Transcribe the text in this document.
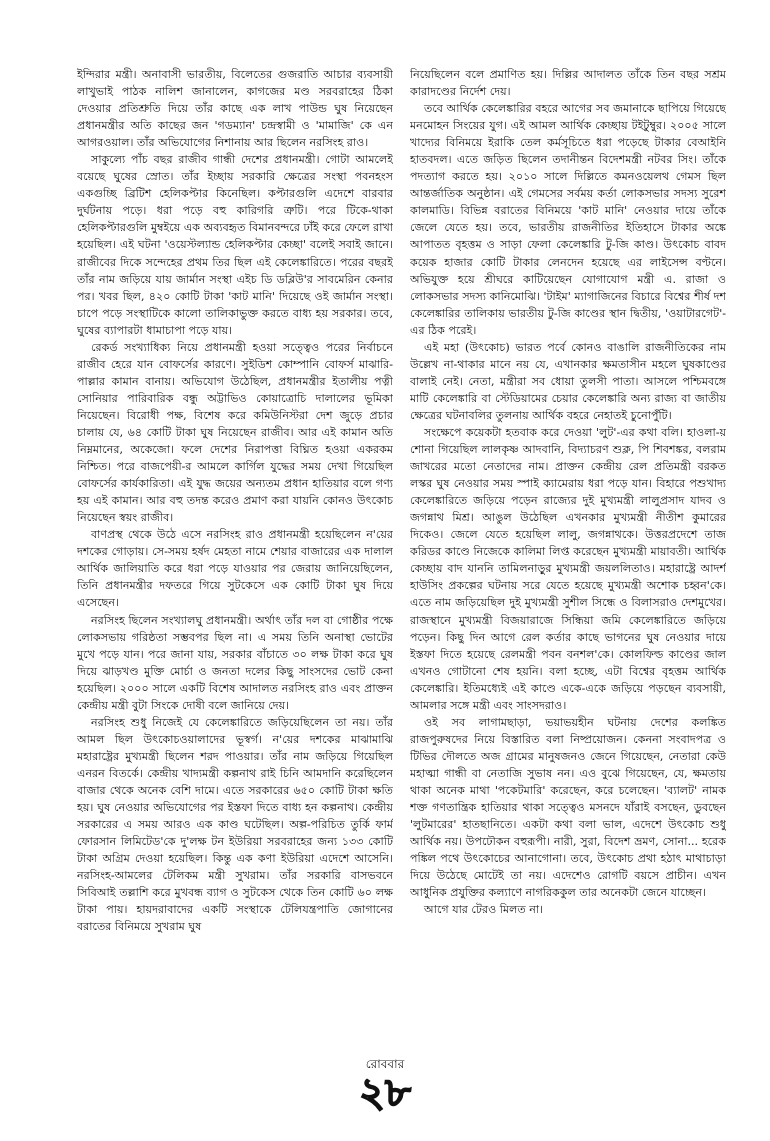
ইন্দিরার মন্ত্রী। অনাবাসী ভারতীয়, বিলেতের গুজরাতি আচার ব্যবসায়ী লাখুভাই পাঠক নালিশ জানালেন, কাগজের মণ্ড সরবরাহের ঠিকা দেওয়ার প্রতিশ্রুতি দিয়ে তাঁর কাছে এক লাখ পাউন্ড ঘুষ নিয়েছেন প্রধানমন্ত্রীর অতি কাছের জন 'গডম্যান' চন্দ্রস্বামী ও 'মামাজি' কে এন আগরওয়াল। তাঁর অভিযোগের নিশানায় আর ছিলেন নরসিংহ রাও।

সাকুল্যে পাঁচ বছর রাজীব গান্ধী দেশের প্রধানমন্ত্রী। গোটা আমলেই বয়েছে ঘুষের স্রোত। তাঁর ইচ্ছায় সরকারি ক্ষেত্রের সংস্থা পবনহংস একগুচ্ছি ব্রিটিশ হেলিকপ্টার কিনেছিল। কপ্টারগুলি এদেশে বারবার দুর্ঘটনায় পড়ে। ধরা পড়ে বহু কারিগরি ত্রুটি। পরে টিকে-থাকা হেলিকপ্টারগুলি মুম্বইয়ে এক অব্যবহৃত বিমানবন্দরে ঢাঁই করে ফেলে রাখা হয়েছিল। এই ঘটনা 'ওয়েস্টল্যান্ড হেলিকপ্টার কেচ্ছা' বলেই সবাই জানে। রাজীবের দিকে সন্দেহের প্রথম তির ছিল এই কেলেঙ্কারিতে। পরের বছরই তাঁর নাম জড়িয়ে যায় জার্মান সংস্থা এইচ ডি ডব্লিউ'র সাবমেরিন কেনার পর। খবর ছিল, ৪২০ কোটি টাকা 'কাট মানি' দিয়েছে ওই জার্মান সংস্থা। চাপে পড়ে সংস্থাটিকে কালো তালিকাভুক্ত করতে বাধ্য হয় সরকার। তবে, ঘুষের ব্যাপারটা ধামাচাপা পড়ে যায়।

রেকর্ড সংখ্যাধিক্য নিয়ে প্রধানমন্ত্রী হওয়া সত্ত্বেও পরের নির্বাচনে রাজীব হেরে যান বোফর্সের কারণে। সুইডিশ কোম্পানি বোফর্স মাঝারি-পাল্লার কামান বানায়। অভিযোগ উঠেছিল, প্রধানমন্ত্রীর ইতালীয় পত্নী সোনিয়ার পারিবারিক বন্ধু অট্টাভিও কোয়াত্রোচি দালালের ভূমিকা নিয়েছেন। বিরোধী পক্ষ, বিশেষ করে কমিউনিস্টরা দেশ জুড়ে প্রচার চালায় যে, ৬৪ কোটি টাকা ঘুষ নিয়েছেন রাজীব। আর এই কামান অতি নিম্নমানের, অকেজো। ফলে দেশের নিরাপত্তা বিঘ্নিত হওয়া একরকম নিশ্চিত। পরে বাজপেয়ী-র আমলে কার্গিল যুদ্ধের সময় দেখা গিয়েছিল বোফর্সের কার্যকারিতা। এই যুদ্ধ জয়ের অন্যতম প্রধান হাতিয়ার বলে গণ্য হয় এই কামান। আর বহু তদন্ত করেও প্রমাণ করা যায়নি কোনও উৎকোচ নিয়েছেন স্বয়ং রাজীব।

বাণপ্রস্থ থেকে উঠে এসে নরসিংহ রাও প্রধানমন্ত্রী হয়েছিলেন ন'য়ের দশকের গোড়ায়। সে-সময় হর্ষদ মেহতা নামে শেয়ার বাজারের এক দালাল আর্থিক জালিয়াতি করে ধরা পড়ে যাওয়ার পর জেরায় জানিয়েছিলেন, তিনি প্রধানমন্ত্রীর দফতরে গিয়ে সুটকেসে এক কোটি টাকা ঘুষ দিয়ে এসেছেন।

নরসিংহ ছিলেন সংখ্যালঘু প্রধানমন্ত্রী। অর্থাৎ তাঁর দল বা গোষ্ঠীর পক্ষে লোকসভায় গরিষ্ঠতা সম্ভবপর ছিল না। এ সময় তিনি অনাস্থা ভোটের মুখে পড়ে যান। পরে জানা যায়, সরকার বাঁচাতে ৩০ লক্ষ টাকা করে ঘুষ দিয়ে ঝাড়খণ্ড মুক্তি মোর্চা ও জনতা দলের কিছু সাংসদের ভোট কেনা হয়েছিল। ২০০০ সালে একটি বিশেষ আদালত নরসিংহ রাও এবং প্রাক্তন কেন্দ্রীয় মন্ত্রী বুটা সিংকে দোষী বলে জানিয়ে দেয়।

নরসিংহ শুধু নিজেই যে কেলেঙ্কারিতে জড়িয়েছিলেন তা নয়। তাঁর আমল ছিল উৎকোচওয়ালাদের ভূস্বর্গ। ন'য়ের দশকের মাঝামাঝি মহারাষ্ট্রের মুখ্যমন্ত্রী ছিলেন শরদ পাওয়ার। তাঁর নাম জড়িয়ে গিয়েছিল এনরন বিতর্কে। কেন্দ্রীয় খাদ্যমন্ত্রী কল্পনাথ রাই চিনি আমদানি করেছিলেন বাজার থেকে অনেক বেশি দামে। এতে সরকারের ৬৫০ কোটি টাকা ক্ষতি হয়। ঘুষ নেওয়ার অভিযোগের পর ইস্তফা দিতে বাধ্য হন কল্পনাথ। কেন্দ্রীয় সরকারের এ সময় আরও এক কাণ্ড ঘটেছিল। অল্প-পরিচিত তুর্কি ফার্ম ফোরসান লিমিটেড'কে দু'লক্ষ টন ইউরিয়া সরবরাহের জন্য ১৩৩ কোটি টাকা অগ্রিম দেওয়া হয়েছিল। কিন্তু এক কণা ইউরিয়া এদেশে আসেনি। নরসিংহ-আমলের টেলিকম মন্ত্রী সুখরাম। তাঁর সরকারি বাসভবনে সিবিআই তল্লাশি করে মুখবন্ধ ব্যাগ ও সুটকেস থেকে তিন কোটি ৬০ লক্ষ টাকা পায়। হায়দরাবাদের একটি সংস্থাকে টেলিযন্ত্রপাতি জোগানের বরাতের বিনিময়ে সুখরাম ঘুষ

নিয়েছিলেন বলে প্রমাণিত হয়। দিল্লির আদালত তাঁকে তিন বছর সশ্রম কারাদণ্ডের নির্দেশ দেয়।

তবে আর্থিক কেলেঙ্কারির বহরে আগের সব জমানাকে ছাপিয়ে গিয়েছে মনমোহন সিংয়ের যুগ। এই আমল আর্থিক কেচ্ছায় টইটুম্বুর। ২০০৫ সালে খাদ্যের বিনিময়ে ইরাকি তেল কর্মসূচিতে ধরা পড়েছে টাকার বেআইনি হাতবদল। এতে জড়িত ছিলেন তদানীন্তন বিদেশমন্ত্রী নটবর সিং। তাঁকে পদত্যাগ করতে হয়। ২০১০ সালে দিল্লিতে কমনওয়েলথ গেমস ছিল আন্তর্জাতিক অনুষ্ঠান। এই গেমসের সর্বময় কর্তা লোকসভার সদস্য সুরেশ কালমাডি। বিভিন্ন বরাতের বিনিময়ে 'কাট মানি' নেওয়ার দায়ে তাঁকে জেলে যেতে হয়। তবে, ভারতীয় রাজনীতির ইতিহাসে টাকার অঙ্কে আপাতত বৃহত্তম ও সাড়া ফেলা কেলেঙ্কারি টু-জি কাণ্ড। উৎকোচ বাবদ কয়েক হাজার কোটি টাকার লেনদেন হয়েছে এর লাইসেন্স বণ্টনে। অভিযুক্ত হয়ে শ্রীঘরে কাটিয়েছেন যোগাযোগ মন্ত্রী এ. রাজা ও লোকসভার সদস্য কানিমোঝি। 'টাইম' ম্যাগাজিনের বিচারে বিশ্বের শীর্ষ দশ কেলেঙ্কারির তালিকায় ভারতীয় টু-জি কাণ্ডের স্থান দ্বিতীয়, 'ওয়াটারগেট'-এর ঠিক পরেই।

এই মহা (উৎকোচ) ভারত পর্বে কোনও বাঙালি রাজনীতিকের নাম উল্লেখ না-থাকার মানে নয় যে, এখানকার ক্ষমতাসীন মহলে ঘুষকাণ্ডের বালাই নেই। নেতা, মন্ত্রীরা সব ধোয়া তুলসী পাতা। আসলে পশ্চিমবঙ্গে মাটি কেলেঙ্কারি বা স্টেডিয়ামের চেয়ার কেলেঙ্কারি অন্য রাজ্য বা জাতীয় ক্ষেত্রের ঘটনাবলির তুলনায় আর্থিক বহরে নেহাতই চুনোপুঁটি।

সংক্ষেপে কয়েকটা হতবাক করে দেওয়া 'লুট'-এর কথা বলি। হাওলা-য় শোনা গিয়েছিল লালকৃষ্ণ আদবানি, বিদ্যাচরণ শুক্ল, পি শিবশঙ্কর, বলরাম জাখরের মতো নেতাদের নাম। প্রাক্তন কেন্দ্রীয় রেল প্রতিমন্ত্রী বরকত লস্কর ঘুষ নেওয়ার সময় স্পাই ক্যামেরায় ধরা পড়ে যান। বিহারে পশুখাদ্য কেলেঙ্কারিতে জড়িয়ে পড়েন রাজ্যের দুই মুখ্যমন্ত্রী লালুপ্রসাদ যাদব ও জগন্নাথ মিশ্র। আঙুল উঠেছিল এখনকার মুখ্যমন্ত্রী নীতীশ কুমারের দিকেও। জেলে যেতে হয়েছিল লালু, জগন্নাথকে। উত্তরপ্রদেশে তাজ করিডর কাণ্ডে নিজেকে কালিমা লিপ্ত করেছেন মুখ্যমন্ত্রী মায়াবতী। আর্থিক কেচ্ছায় বাদ যাননি তামিলনাড়ুর মুখ্যমন্ত্রী জয়ললিতাও। মহারাষ্ট্রে আদর্শ হাউসিং প্রকল্পের ঘটনায় সরে যেতে হয়েছে মুখ্যমন্ত্রী অশোক চহ্বন'কে। এতে নাম জড়িয়েছিল দুই মুখ্যমন্ত্রী সুশীল সিন্ধে ও বিলাসরাও দেশমুখের। রাজস্থানে মুখ্যমন্ত্রী বিজয়ারাজে সিন্ধিয়া জমি কেলেঙ্কারিতে জড়িয়ে পড়েন। কিছু দিন আগে রেল কর্তার কাছে ভাগনের ঘুষ নেওয়ার দায়ে ইস্তফা দিতে হয়েছে রেলমন্ত্রী পবন বনশল'কে। কোলফিল্ড কাণ্ডের জাল এখনও গোটানো শেষ হয়নি। বলা হচ্ছে, এটা বিশ্বের বৃহত্তম আর্থিক কেলেঙ্কারি। ইতিমধ্যেই এই কাণ্ডে একে-একে জড়িয়ে পড়ছেন ব্যবসায়ী, আমলার সঙ্গে মন্ত্রী এবং সাংসদরাও।

ওই সব লাগামছাড়া, ভয়াভয়হীন ঘটনায় দেশের কলঙ্কিত রাজপুরুষদের নিয়ে বিস্তারিত বলা নিষ্প্রয়োজন। কেননা সংবাদপত্র ও টিভির দৌলতে অজ গ্রামের মানুষজনও জেনে গিয়েছেন, নেতারা কেউ মহাত্মা গান্ধী বা নেতাজি সুভাষ নন। এও বুঝে গিয়েছেন, যে, ক্ষমতায় থাকা অনেক মাথা 'পকেটমারি' করেছেন, করে চলেছেন। 'ব্যালট' নামক শক্ত গণতান্ত্রিক হাতিয়ার থাকা সত্ত্বেও মসনদে যাঁরাই বসছেন, ডুবছেন 'লুটমারের' হাতছানিতে। একটা কথা বলা ভাল, এদেশে উৎকোচ শুধু আর্থিক নয়। উপঢৌকন বহুরূপী। নারী, সুরা, বিদেশ ভ্রমণ, সোনা... হরেক পঙ্কিল পথে উৎকোচের আনাগোনা। তবে, উৎকোচ প্রথা হঠাৎ মাথাচাড়া দিয়ে উঠেছে মোটেই তা নয়। এদেশেও রোগটি বয়সে প্রাচীন। এখন আধুনিক প্রযুক্তির কল্যাণে নাগরিককুল তার অনেকটা জেনে যাচ্ছেন।

আগে যার টেরও মিলত না।

রোববার
২৮
